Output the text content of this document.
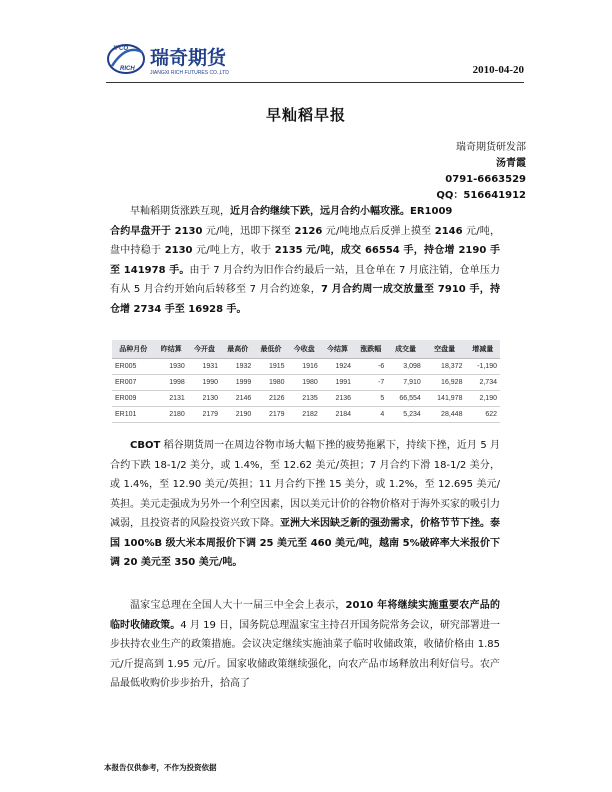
JFCO
RICH 瑞奇期货
JIANGXI RICH FUTURES CO.,LTD	2010-04-20
早籼稻早报
瑞奇期货研发部
汤青霞
0791-6663529
QQ：516641912
早籼稻期货涨跌互现，近月合约继续下跌，远月合约小幅攻涨。ER1009
合约早盘开于 2130 元/吨，迅即下探至 2126 元/吨地点后反弹上摸至 2146 元/吨，盘中持稳于 2130 元/吨上方，收于 2135 元/吨，成交 66554 手，持仓增 2190 手至 141978 手。由于 7 月合约为旧作合约最后一站，且仓单在 7 月底注销，仓单压力有从 5 月合约开始向后转移至 7 月合约迹象，7 月合约周一成交放量至 7910 手，持仓增 2734 手至 16928 手。
品种月份	昨结算	今开盘	最高价	最低价	今收盘	今结算	涨跌幅	成交量	空盘量	增减量
ER005	1930	1931	1932	1915	1916	1924	-6	3,098	18,372	-1,190
ER007	1998	1990	1999	1980	1980	1991	-7	7,910	16,928	2,734
ER009	2131	2130	2146	2126	2135	2136	5	66,554	141,978	2,190
ER101	2180	2179	2190	2179	2182	2184	4	5,234	28,448	622
CBOT 稻谷期货周一在周边谷物市场大幅下挫的疲势拖累下，持续下挫，近月 5 月合约下跌 18-1/2 美分，或 1.4%，至 12.62 美元/英担；7 月合约下滑 18-1/2 美分，或 1.4%，至 12.90 美元/英担；11 月合约下挫 15 美分，或 1.2%，至 12.695 美元/英担。美元走强成为另外一个利空因素，因以美元计价的谷物价格对于海外买家的吸引力减弱，且投资者的风险投资兴致下降。亚洲大米因缺乏新的强劲需求，价格节节下挫。泰国 100%B 级大米本周报价下调 25 美元至 460 美元/吨，越南 5%破碎率大米报价下调 20 美元至 350 美元/吨。
温家宝总理在全国人大十一届三中全会上表示，2010 年将继续实施重要农产品的临时收储政策。4 月 19 日，国务院总理温家宝主持召开国务院常务会议，研究部署进一步扶持农业生产的政策措施。会议决定继续实施油菜子临时收储政策，收储价格由 1.85 元/斤提高到 1.95 元/斤。国家收储政策继续强化，向农产品市场释放出利好信号。农产品最低收购价步步抬升，拾高了
本报告仅供参考，不作为投资依据
